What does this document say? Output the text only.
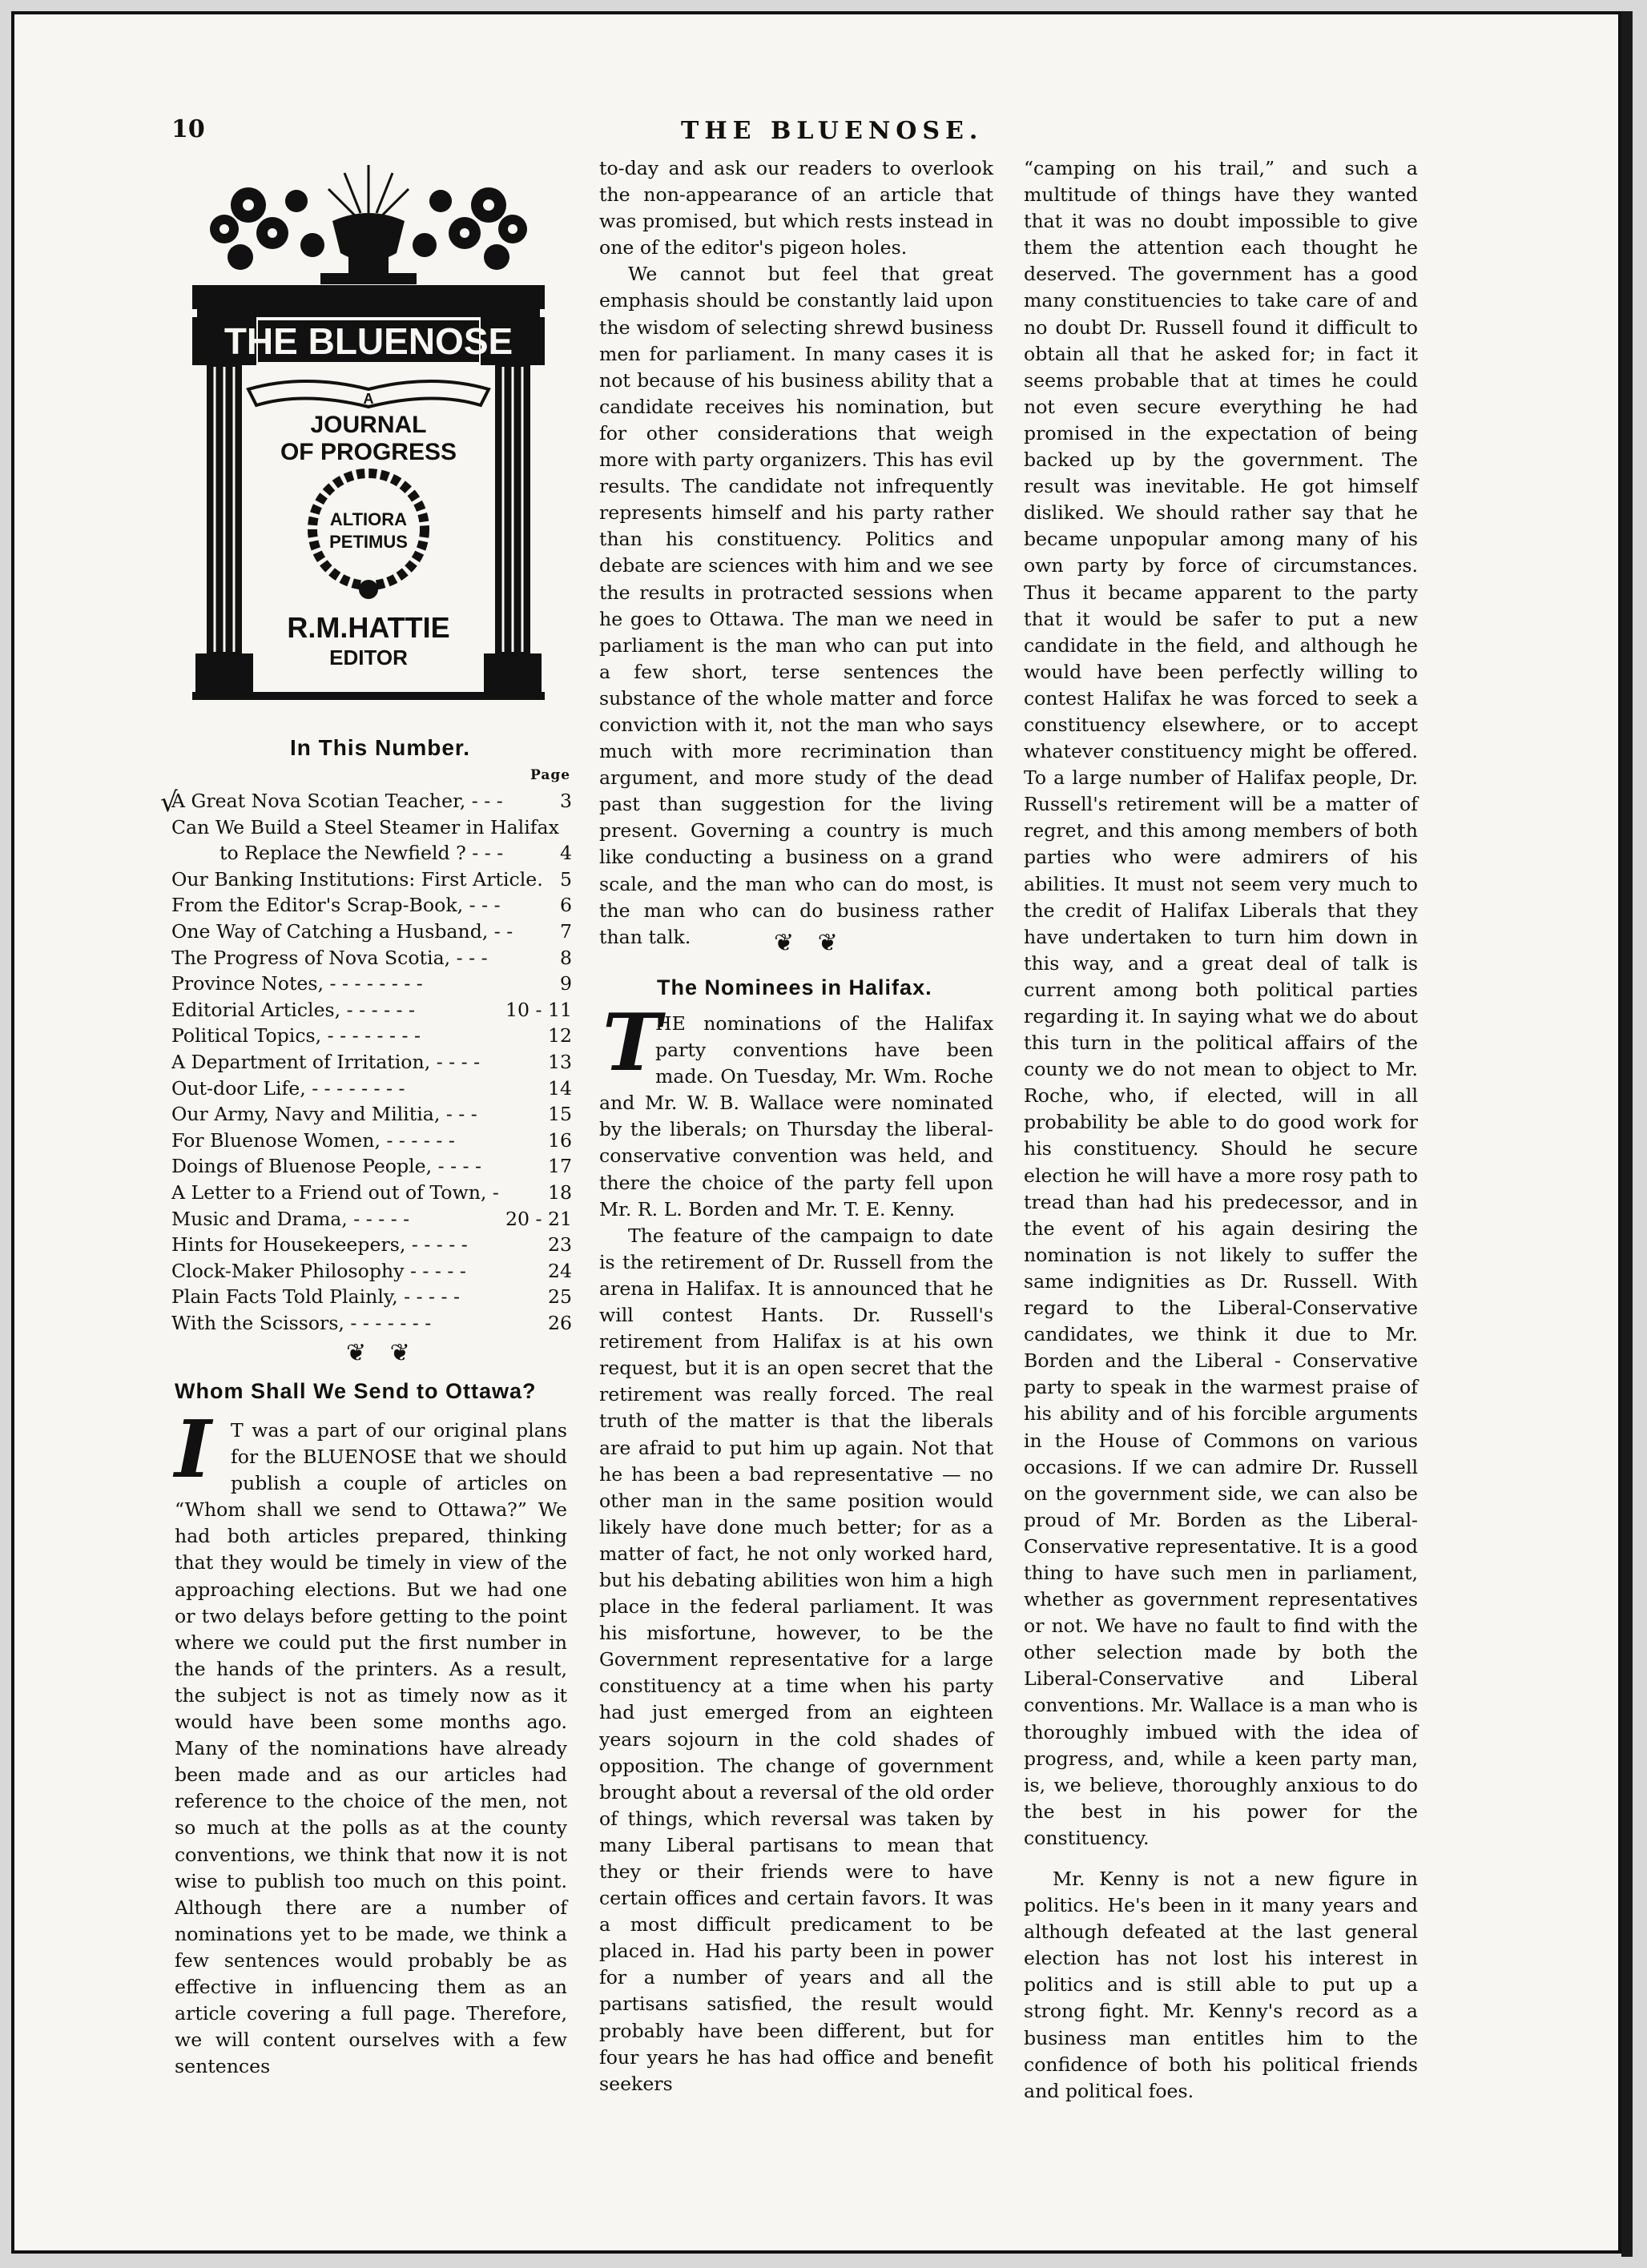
10	THE BLUENOSE.
THE BLUENOSE
A
JOURNAL
OF PROGRESS
ALTIORA
PETIMUS
R.M.HATTIE
EDITOR
In This Number.
Page
√
A Great Nova Scotian Teacher, - - -	3
Can We Build a Steel Steamer in Halifax
to Replace the Newfield ? - - -	4
Our Banking Institutions: First Article. 5
From the Editor's Scrap-Book, - - -	6
One Way of Catching a Husband, - - 7
The Progress of Nova Scotia, - - -	8
Province Notes, - - - - - - - -	9
Editorial Articles, - - - - - -	10 - 11
Political Topics, - - - - - - - -	12
A Department of Irritation, - - - -	13
Out-door Life, - - - - - - - -	14
Our Army, Navy and Militia, - - -	15
For Bluenose Women, - - - - - -	16
Doings of Bluenose People, - - - -	17
A Letter to a Friend out of Town, -	18
Music and Drama, - - - - -	20 - 21
Hints for Housekeepers, - - - - -	23
Clock-Maker Philosophy - - - - -	24
Plain Facts Told Plainly, - - - - -	25
With the Scissors, - - - - - - -	26
❦ ❦
Whom Shall We Send to Ottawa?
I	T was a part of our original plans for the BLUENOSE that we should publish a couple of articles on “Whom shall we send to Ottawa?” We had both articles prepared, thinking that they would be timely in view of the approaching elections. But we had one or two delays before getting to the point where we could put the first number in the hands of the printers. As a result, the subject is not as timely now as it would have been some months ago. Many of the nominations have already been made and as our articles had reference to the choice of the men, not so much at the polls as at the county conventions, we think that now it is not wise to publish too much on this point. Although there are a number of nominations yet to be made, we think a few sentences would probably be as effective in influencing them as an article covering a full page. Therefore, we will content ourselves with a few sentences

to-day and ask our readers to overlook the non-appearance of an article that was promised, but which rests instead in one of the editor's pigeon holes.

We cannot but feel that great emphasis should be constantly laid upon the wisdom of selecting shrewd business men for parliament. In many cases it is not because of his business ability that a candidate receives his nomination, but for other considerations that weigh more with party organizers. This has evil results. The candidate not infrequently represents himself and his party rather than his constituency. Politics and debate are sciences with him and we see the results in protracted sessions when he goes to Ottawa. The man we need in parliament is the man who can put into a few short, terse sentences the substance of the whole matter and force conviction with it, not the man who says much with more recrimination than argument, and more study of the dead past than suggestion for the living present. Governing a country is much like conducting a business on a grand scale, and the man who can do most, is the man who can do business rather than talk.	❦ ❦
The Nominees in Halifax.
T

HE nominations of the Halifax party conventions have been made. On Tuesday, Mr. Wm. Roche and Mr. W. B. Wallace were nominated by the liberals; on Thursday the liberal-conservative convention was held, and there the choice of the party fell upon Mr. R. L. Borden and Mr. T. E. Kenny.

The feature of the campaign to date is the retirement of Dr. Russell from the arena in Halifax. It is announced that he will contest Hants. Dr. Russell's retirement from Halifax is at his own request, but it is an open secret that the retirement was really forced. The real truth of the matter is that the liberals are afraid to put him up again. Not that he has been a bad representative — no other man in the same position would likely have done much better; for as a matter of fact, he not only worked hard, but his debating abilities won him a high place in the federal parliament. It was his misfortune, however, to be the Government representative for a large constituency at a time when his party had just emerged from an eighteen years sojourn in the cold shades of opposition. The change of government brought about a reversal of the old order of things, which reversal was taken by many Liberal partisans to mean that they or their friends were to have certain offices and certain favors. It was a most difficult predicament to be placed in. Had his party been in power for a number of years and all the partisans satisfied, the result would probably have been different, but for four years he has had office and benefit seekers

“camping on his trail,” and such a multitude of things have they wanted that it was no doubt impossible to give them the attention each thought he deserved. The government has a good many constituencies to take care of and no doubt Dr. Russell found it difficult to obtain all that he asked for; in fact it seems probable that at times he could not even secure everything he had promised in the expectation of being backed up by the government. The result was inevitable. He got himself disliked. We should rather say that he became unpopular among many of his own party by force of circumstances. Thus it became apparent to the party that it would be safer to put a new candidate in the field, and although he would have been perfectly willing to contest Halifax he was forced to seek a constituency elsewhere, or to accept whatever constituency might be offered. To a large number of Halifax people, Dr. Russell's retirement will be a matter of regret, and this among members of both parties who were admirers of his abilities. It must not seem very much to the credit of Halifax Liberals that they have undertaken to turn him down in this way, and a great deal of talk is current among both political parties regarding it. In saying what we do about this turn in the political affairs of the county we do not mean to object to Mr. Roche, who, if elected, will in all probability be able to do good work for his constituency. Should he secure election he will have a more rosy path to tread than had his predecessor, and in the event of his again desiring the nomination is not likely to suffer the same indignities as Dr. Russell. With regard to the Liberal-Conservative candidates, we think it due to Mr. Borden and the Liberal - Conservative party to speak in the warmest praise of his ability and of his forcible arguments in the House of Commons on various occasions. If we can admire Dr. Russell on the government side, we can also be proud of Mr. Borden as the Liberal-Conservative representative. It is a good thing to have such men in parliament, whether as government representatives or not. We have no fault to find with the other selection made by both the Liberal-Conservative and Liberal conventions. Mr. Wallace is a man who is thoroughly imbued with the idea of progress, and, while a keen party man, is, we believe, thoroughly anxious to do the best in his power for the constituency.

Mr. Kenny is not a new figure in politics. He's been in it many years and although defeated at the last general election has not lost his interest in politics and is still able to put up a strong fight. Mr. Kenny's record as a business man entitles him to the confidence of both his political friends and political foes.
